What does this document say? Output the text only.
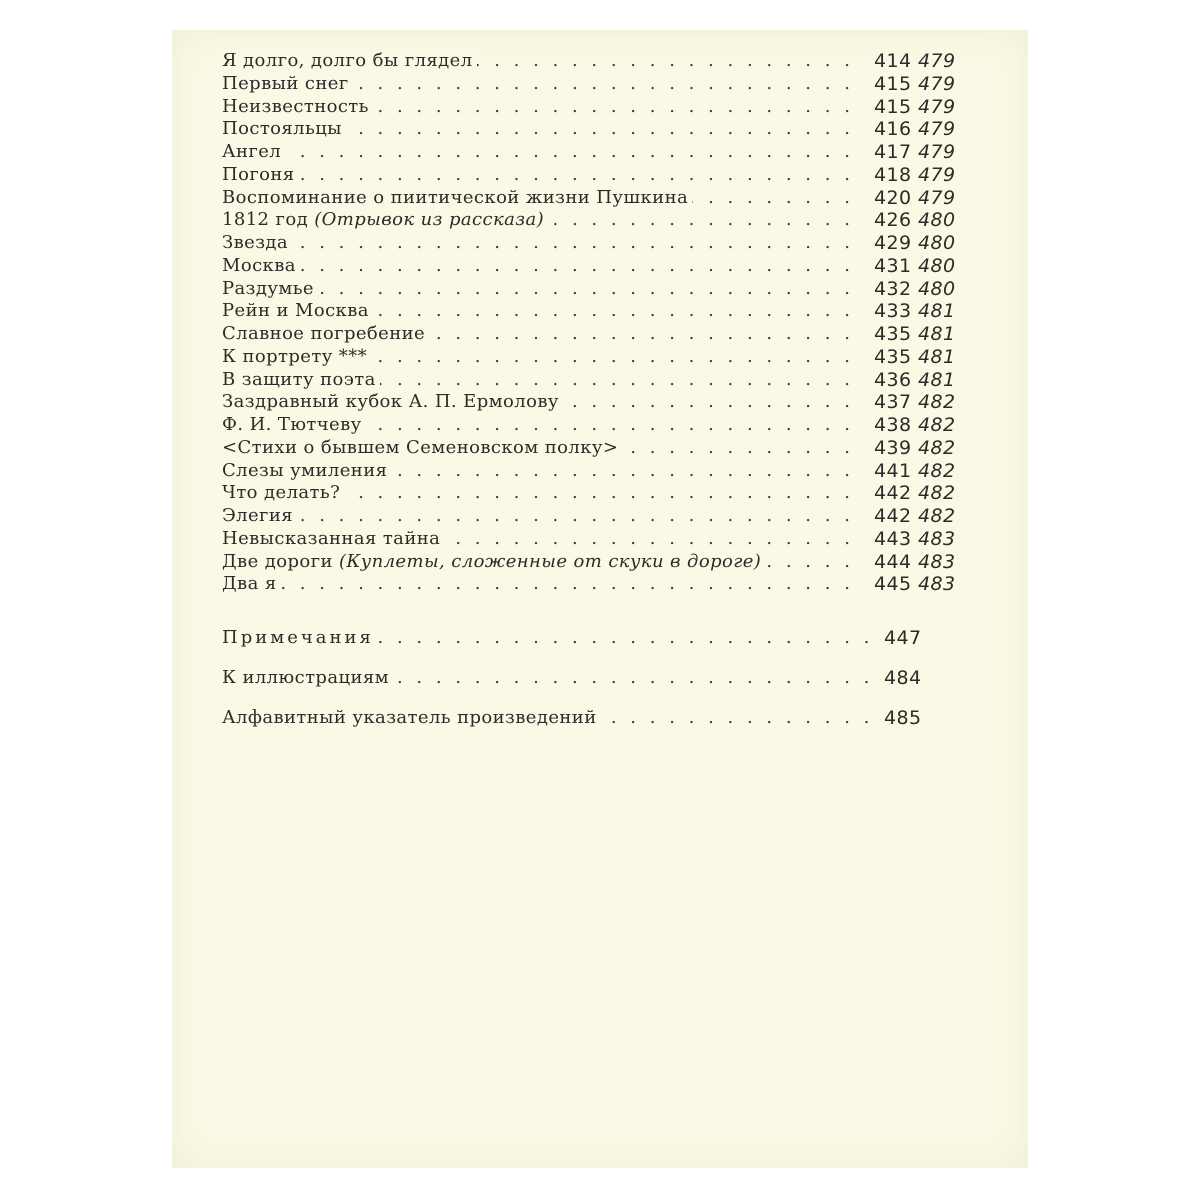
Я долго, долго бы глядел . . .	414 479
Первый снег . . .	415 479
Неизвестность . . .	415 479
Постояльцы . . .	416 479
Ангел . . .	417 479
Погоня . . .	418 479
Воспоминание о пиитической жизни Пушкина . . .	420 479
1812 год (Отрывок из рассказа) . . .	426 480
Звезда . . .	429 480
Москва . . .	431 480
Раздумье . . .	432 480
Рейн и Москва . . .	433 481
Славное погребение . . .	435 481
К портрету *** . . .	435 481
В защиту поэта . . .	436 481
Заздравный кубок А. П. Ермолову . . .	437 482
Ф. И. Тютчеву . . .	438 482
<Стихи о бывшем Семеновском полку> . . .	439 482
Слезы умиления . . .	441 482
Что делать? . . .	442 482
Элегия . . .	442 482
Невысказанная тайна . . .	443 483
Две дороги (Куплеты, сложенные от скуки в дороге) . . .	444 483
Два я . . .	445 483
Примечания . . .	447
К иллюстрациям . . .	484
Алфавитный указатель произведений . . .	485
